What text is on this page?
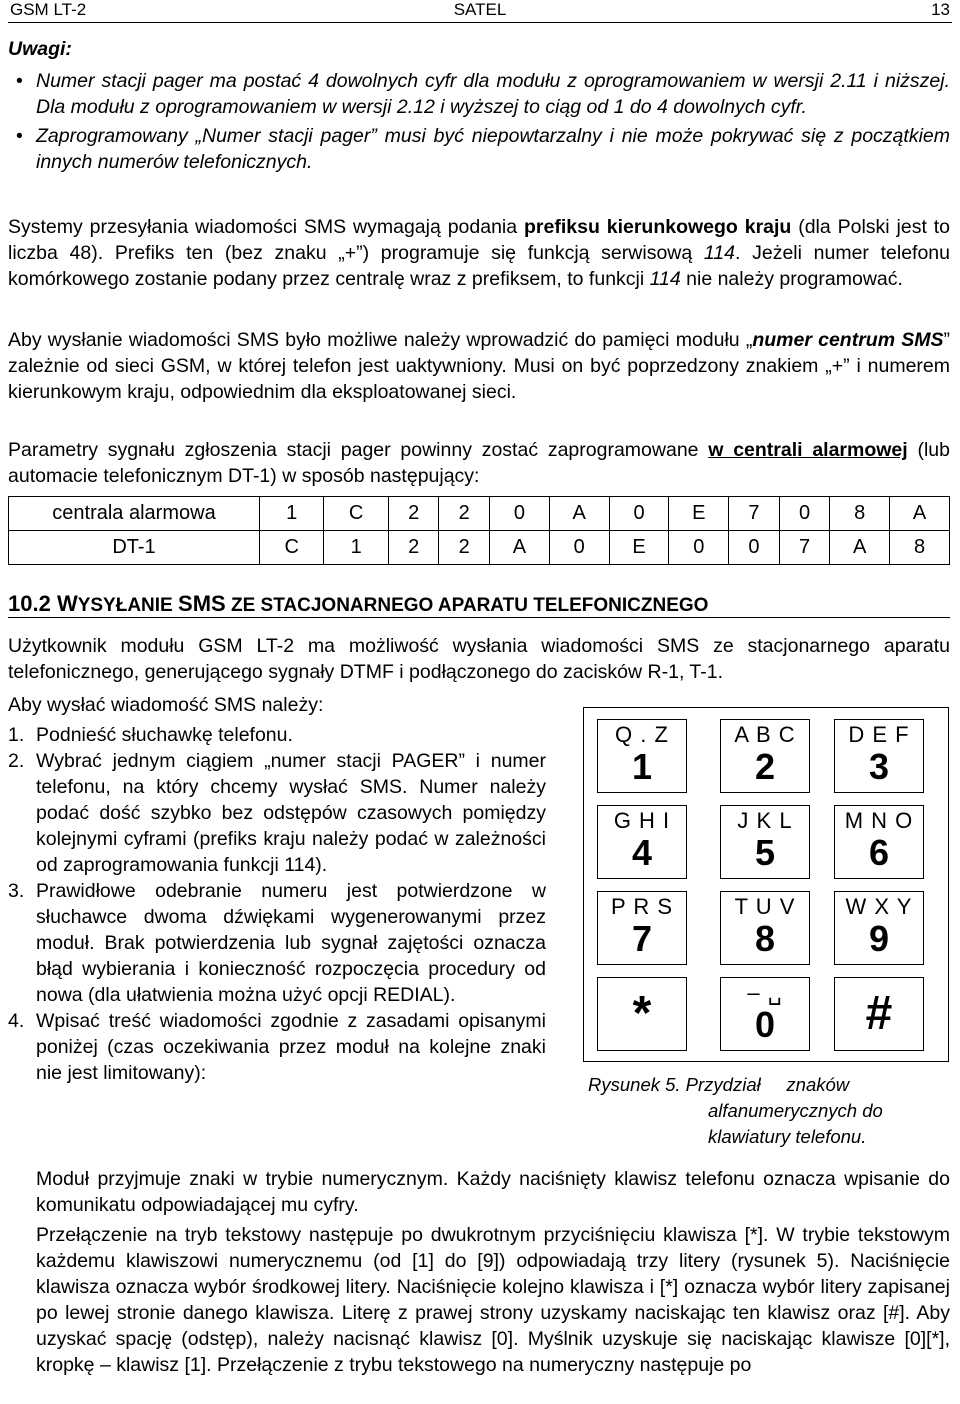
GSM LT-2	SATEL	13
Uwagi:
• Numer stacji pager ma postać 4 dowolnych cyfr dla modułu z oprogramowaniem w wersji 2.11 i niższej. Dla modułu z oprogramowaniem w wersji 2.12 i wyższej to ciąg od 1 do 4 dowolnych cyfr.
• Zaprogramowany „Numer stacji pager” musi być niepowtarzalny i nie może pokrywać się z początkiem innych numerów telefonicznych.
Systemy przesyłania wiadomości SMS wymagają podania prefiksu kierunkowego kraju (dla Polski jest to liczba 48). Prefiks ten (bez znaku „+”) programuje się funkcją serwisową 114. Jeżeli numer telefonu komórkowego zostanie podany przez centralę wraz z prefiksem, to funkcji 114 nie należy programować.
Aby wysłanie wiadomości SMS było możliwe należy wprowadzić do pamięci modułu „numer centrum SMS” zależnie od sieci GSM, w której telefon jest uaktywniony. Musi on być poprzedzony znakiem „+” i numerem kierunkowym kraju, odpowiednim dla eksploatowanej sieci.
Parametry sygnału zgłoszenia stacji pager powinny zostać zaprogramowane w centrali alarmowej (lub automacie telefonicznym DT-1) w sposób następujący:
centrala alarmowa	1	C	2	2	0	A	0	E	7	0	8	A
DT-1	C	1	2	2	A	0	E	0	0	7	A	8
10.2 WYSYŁANIE SMS ZE STACJONARNEGO APARATU TELEFONICZNEGO
Użytkownik modułu GSM LT-2 ma możliwość wysłania wiadomości SMS ze stacjonarnego aparatu telefonicznego, generującego sygnały DTMF i podłączonego do zacisków R-1, T-1.
Aby wysłać wiadomość SMS należy:
1. Podnieść słuchawkę telefonu.
2. Wybrać jednym ciągiem „numer stacji PAGER” i numer telefonu, na który chcemy wysłać SMS. Numer należy podać dość szybko bez odstępów czasowych pomiędzy kolejnymi cyframi (prefiks kraju należy podać w zależności od zaprogramowania funkcji 114).
3. Prawidłowe odebranie numeru jest potwierdzone w słuchawce dwoma dźwiękami wygenerowanymi przez moduł. Brak potwierdzenia lub sygnał zajętości oznacza błąd wybierania i konieczność rozpoczęcia procedury od nowa (dla ułatwienia można użyć opcji REDIAL).
4. Wpisać treść wiadomości zgodnie z zasadami opisanymi poniżej (czas oczekiwania przez moduł na kolejne znaki nie jest limitowany):
Q . Z
1
A B C
2
D E F
3
G H I
4
J K L
5
M N O
6
P R S
7
T U V
8
W X Y
9
*	– ␣
0	#
Rysunek 5. Przydział     znaków
alfanumerycznych do
klawiatury telefonu.
Moduł przyjmuje znaki w trybie numerycznym. Każdy naciśnięty klawisz telefonu oznacza wpisanie do komunikatu odpowiadającej mu cyfry.
Przełączenie na tryb tekstowy następuje po dwukrotnym przyciśnięciu klawisza [*]. W trybie tekstowym każdemu klawiszowi numerycznemu (od [1] do [9]) odpowiadają trzy litery (rysunek 5). Naciśnięcie klawisza oznacza wybór środkowej litery. Naciśnięcie kolejno klawisza i [*] oznacza wybór litery zapisanej po lewej stronie danego klawisza. Literę z prawej strony uzyskamy naciskając ten klawisz oraz [#]. Aby uzyskać spację (odstęp), należy nacisnąć klawisz [0]. Myślnik uzyskuje się naciskając klawisze [0][*], kropkę – klawisz [1]. Przełączenie z trybu tekstowego na numeryczny następuje po
